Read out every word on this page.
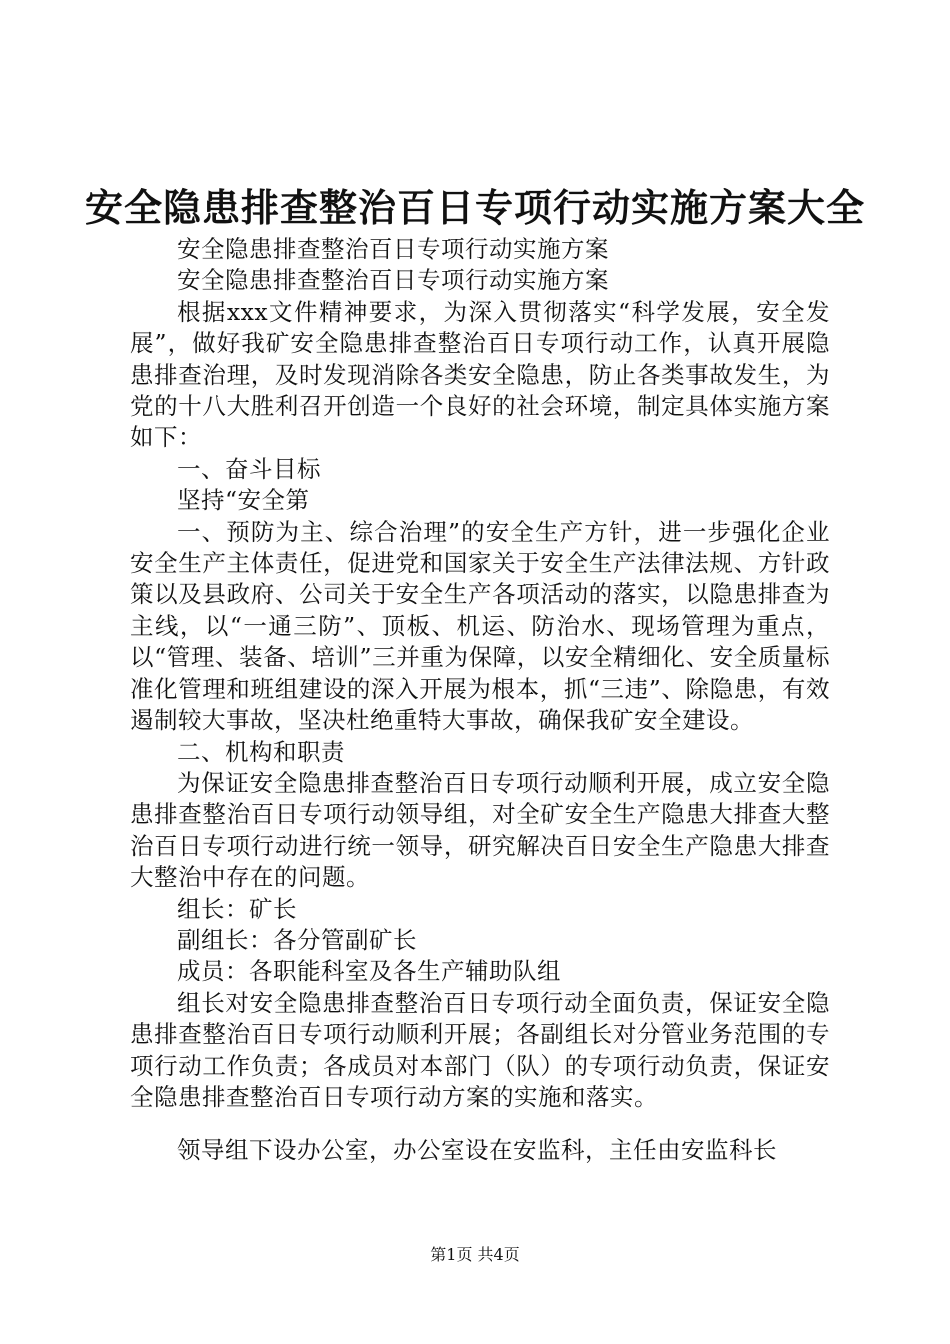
安全隐患排查整治百日专项行动实施方案大全

安全隐患排查整治百日专项行动实施方案

安全隐患排查整治百日专项行动实施方案

根据xxx文件精神要求，为深入贯彻落实“科学发展，安全发展”，做好我矿安全隐患排查整治百日专项行动工作，认真开展隐患排查治理，及时发现消除各类安全隐患，防止各类事故发生，为党的十八大胜利召开创造一个良好的社会环境，制定具体实施方案如下：

一、奋斗目标

坚持“安全第

一、预防为主、综合治理”的安全生产方针，进一步强化企业安全生产主体责任，促进党和国家关于安全生产法律法规、方针政策以及县政府、公司关于安全生产各项活动的落实，以隐患排查为主线，以“一通三防”、顶板、机运、防治水、现场管理为重点，以“管理、装备、培训”三并重为保障，以安全精细化、安全质量标准化管理和班组建设的深入开展为根本，抓“三违”、除隐患，有效遏制较大事故，坚决杜绝重特大事故，确保我矿安全建设。

二、机构和职责

为保证安全隐患排查整治百日专项行动顺利开展，成立安全隐患排查整治百日专项行动领导组，对全矿安全生产隐患大排查大整治百日专项行动进行统一领导，研究解决百日安全生产隐患大排查大整治中存在的问题。

组长：矿长

副组长：各分管副矿长

成员：各职能科室及各生产辅助队组

组长对安全隐患排查整治百日专项行动全面负责，保证安全隐患排查整治百日专项行动顺利开展；各副组长对分管业务范围的专项行动工作负责；各成员对本部门（队）的专项行动负责，保证安全隐患排查整治百日专项行动方案的实施和落实。

领导组下设办公室，办公室设在安监科，主任由安监科长

第1页 共4页
